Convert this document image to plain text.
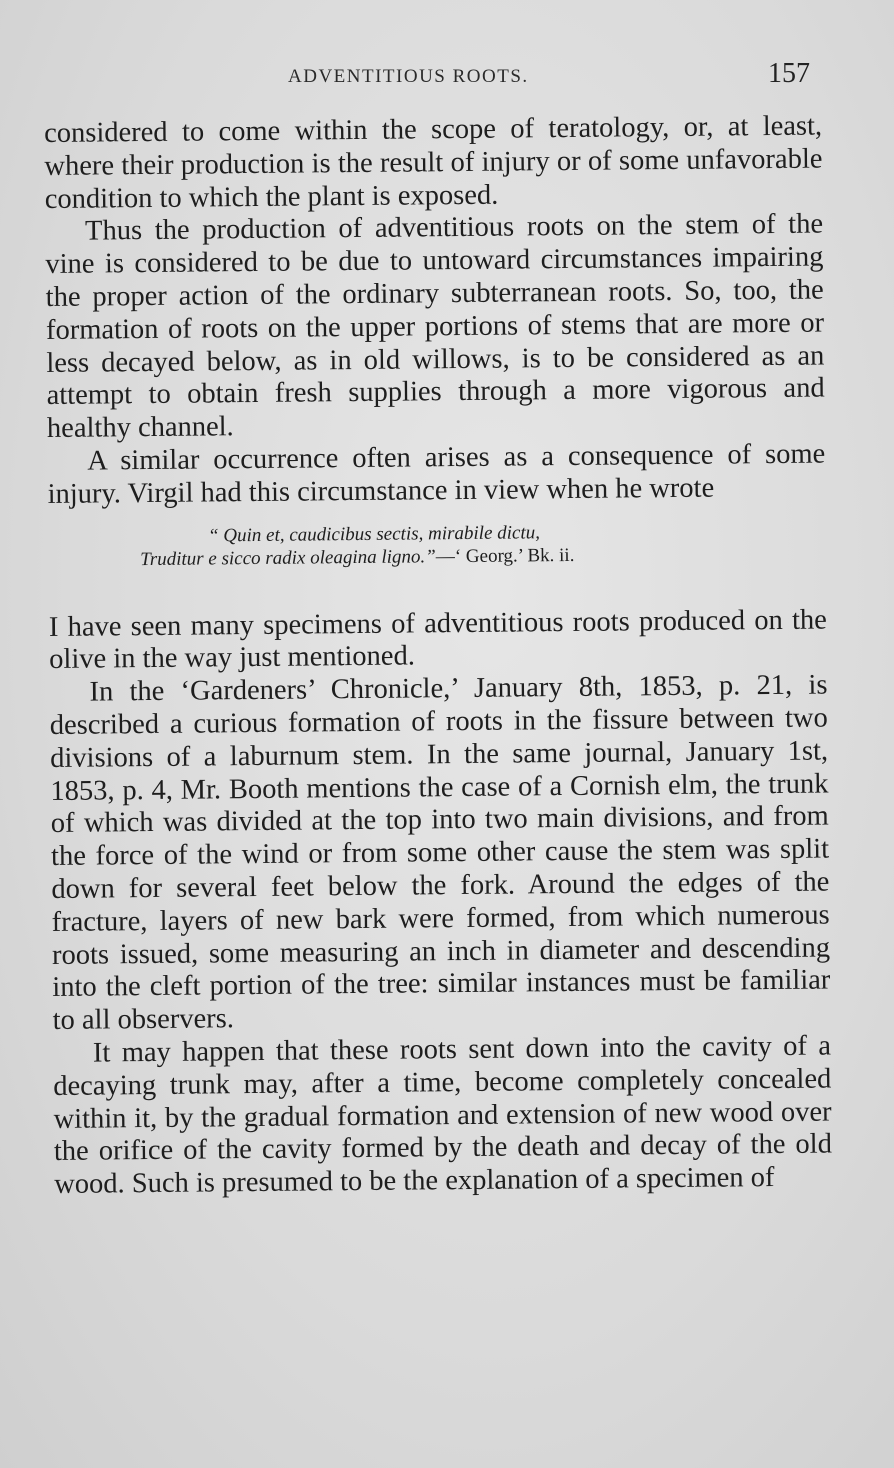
ADVENTITIOUS ROOTS.	157

considered to come within the scope of teratology, or, at least, where their production is the result of injury or of some unfavorable condition to which the plant is exposed.

Thus the production of adventitious roots on the stem of the vine is considered to be due to untoward circumstances impairing the proper action of the ordinary subterranean roots. So, too, the formation of roots on the upper portions of stems that are more or less decayed below, as in old willows, is to be considered as an attempt to obtain fresh supplies through a more vigorous and healthy channel.

A similar occurrence often arises as a consequence of some injury. Virgil had this circumstance in view when he wrote

“ Quin et, caudicibus sectis, mirabile dictu,
Truditur e sicco radix oleagina ligno.”—‘ Georg.’ Bk. ii.

I have seen many specimens of adventitious roots produced on the olive in the way just mentioned.

In the ‘Gardeners’ Chronicle,’ January 8th, 1853, p. 21, is described a curious formation of roots in the fissure between two divisions of a laburnum stem. In the same journal, January 1st, 1853, p. 4, Mr. Booth mentions the case of a Cornish elm, the trunk of which was divided at the top into two main divisions, and from the force of the wind or from some other cause the stem was split down for several feet below the fork. Around the edges of the fracture, layers of new bark were formed, from which numerous roots issued, some measuring an inch in diameter and descending into the cleft portion of the tree: similar instances must be familiar to all observers.

It may happen that these roots sent down into the cavity of a decaying trunk may, after a time, become completely concealed within it, by the gradual formation and extension of new wood over the orifice of the cavity formed by the death and decay of the old wood. Such is presumed to be the explanation of a specimen of
